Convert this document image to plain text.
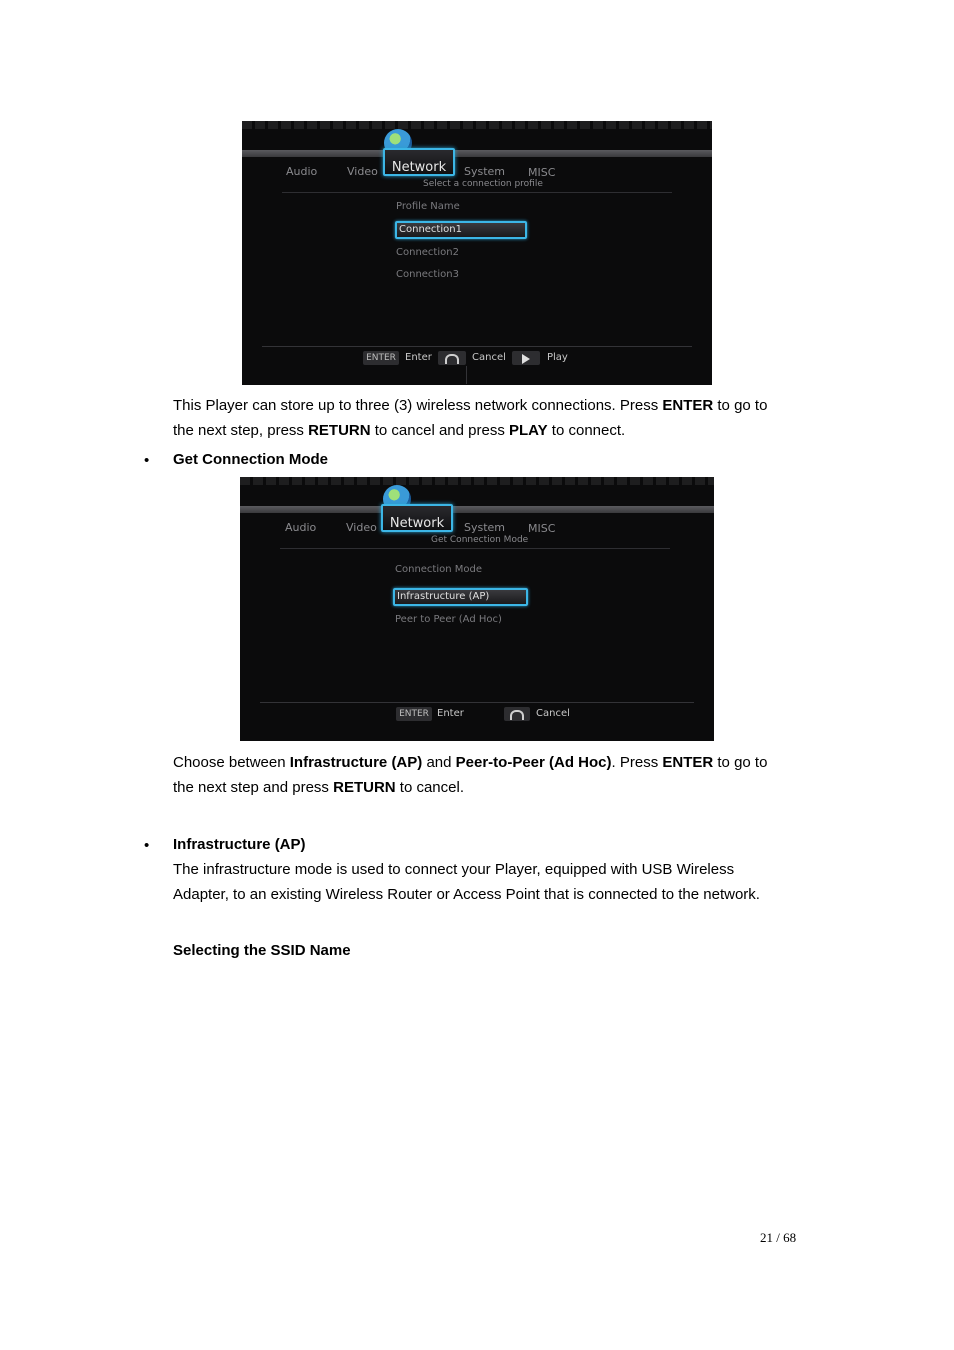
Audio	Video	Network	System MISC
Select a connection profile
Profile Name
Connection1
Connection2
Connection3
ENTER Enter	Cancel	Play
This Player can store up to three (3) wireless network connections. Press ENTER to go to
the next step, press RETURN to cancel and press PLAY to connect.
• Get Connection Mode
Audio	Video	Network	System MISC
Get Connection Mode
Connection Mode
Infrastructure (AP)
Peer to Peer (Ad Hoc)
ENTER Enter	Cancel
Choose between Infrastructure (AP) and Peer-to-Peer (Ad Hoc). Press ENTER to go to
the next step and press RETURN to cancel.
• Infrastructure (AP)
The infrastructure mode is used to connect your Player, equipped with USB Wireless
Adapter, to an existing Wireless Router or Access Point that is connected to the network.
Selecting the SSID Name
21 / 68
